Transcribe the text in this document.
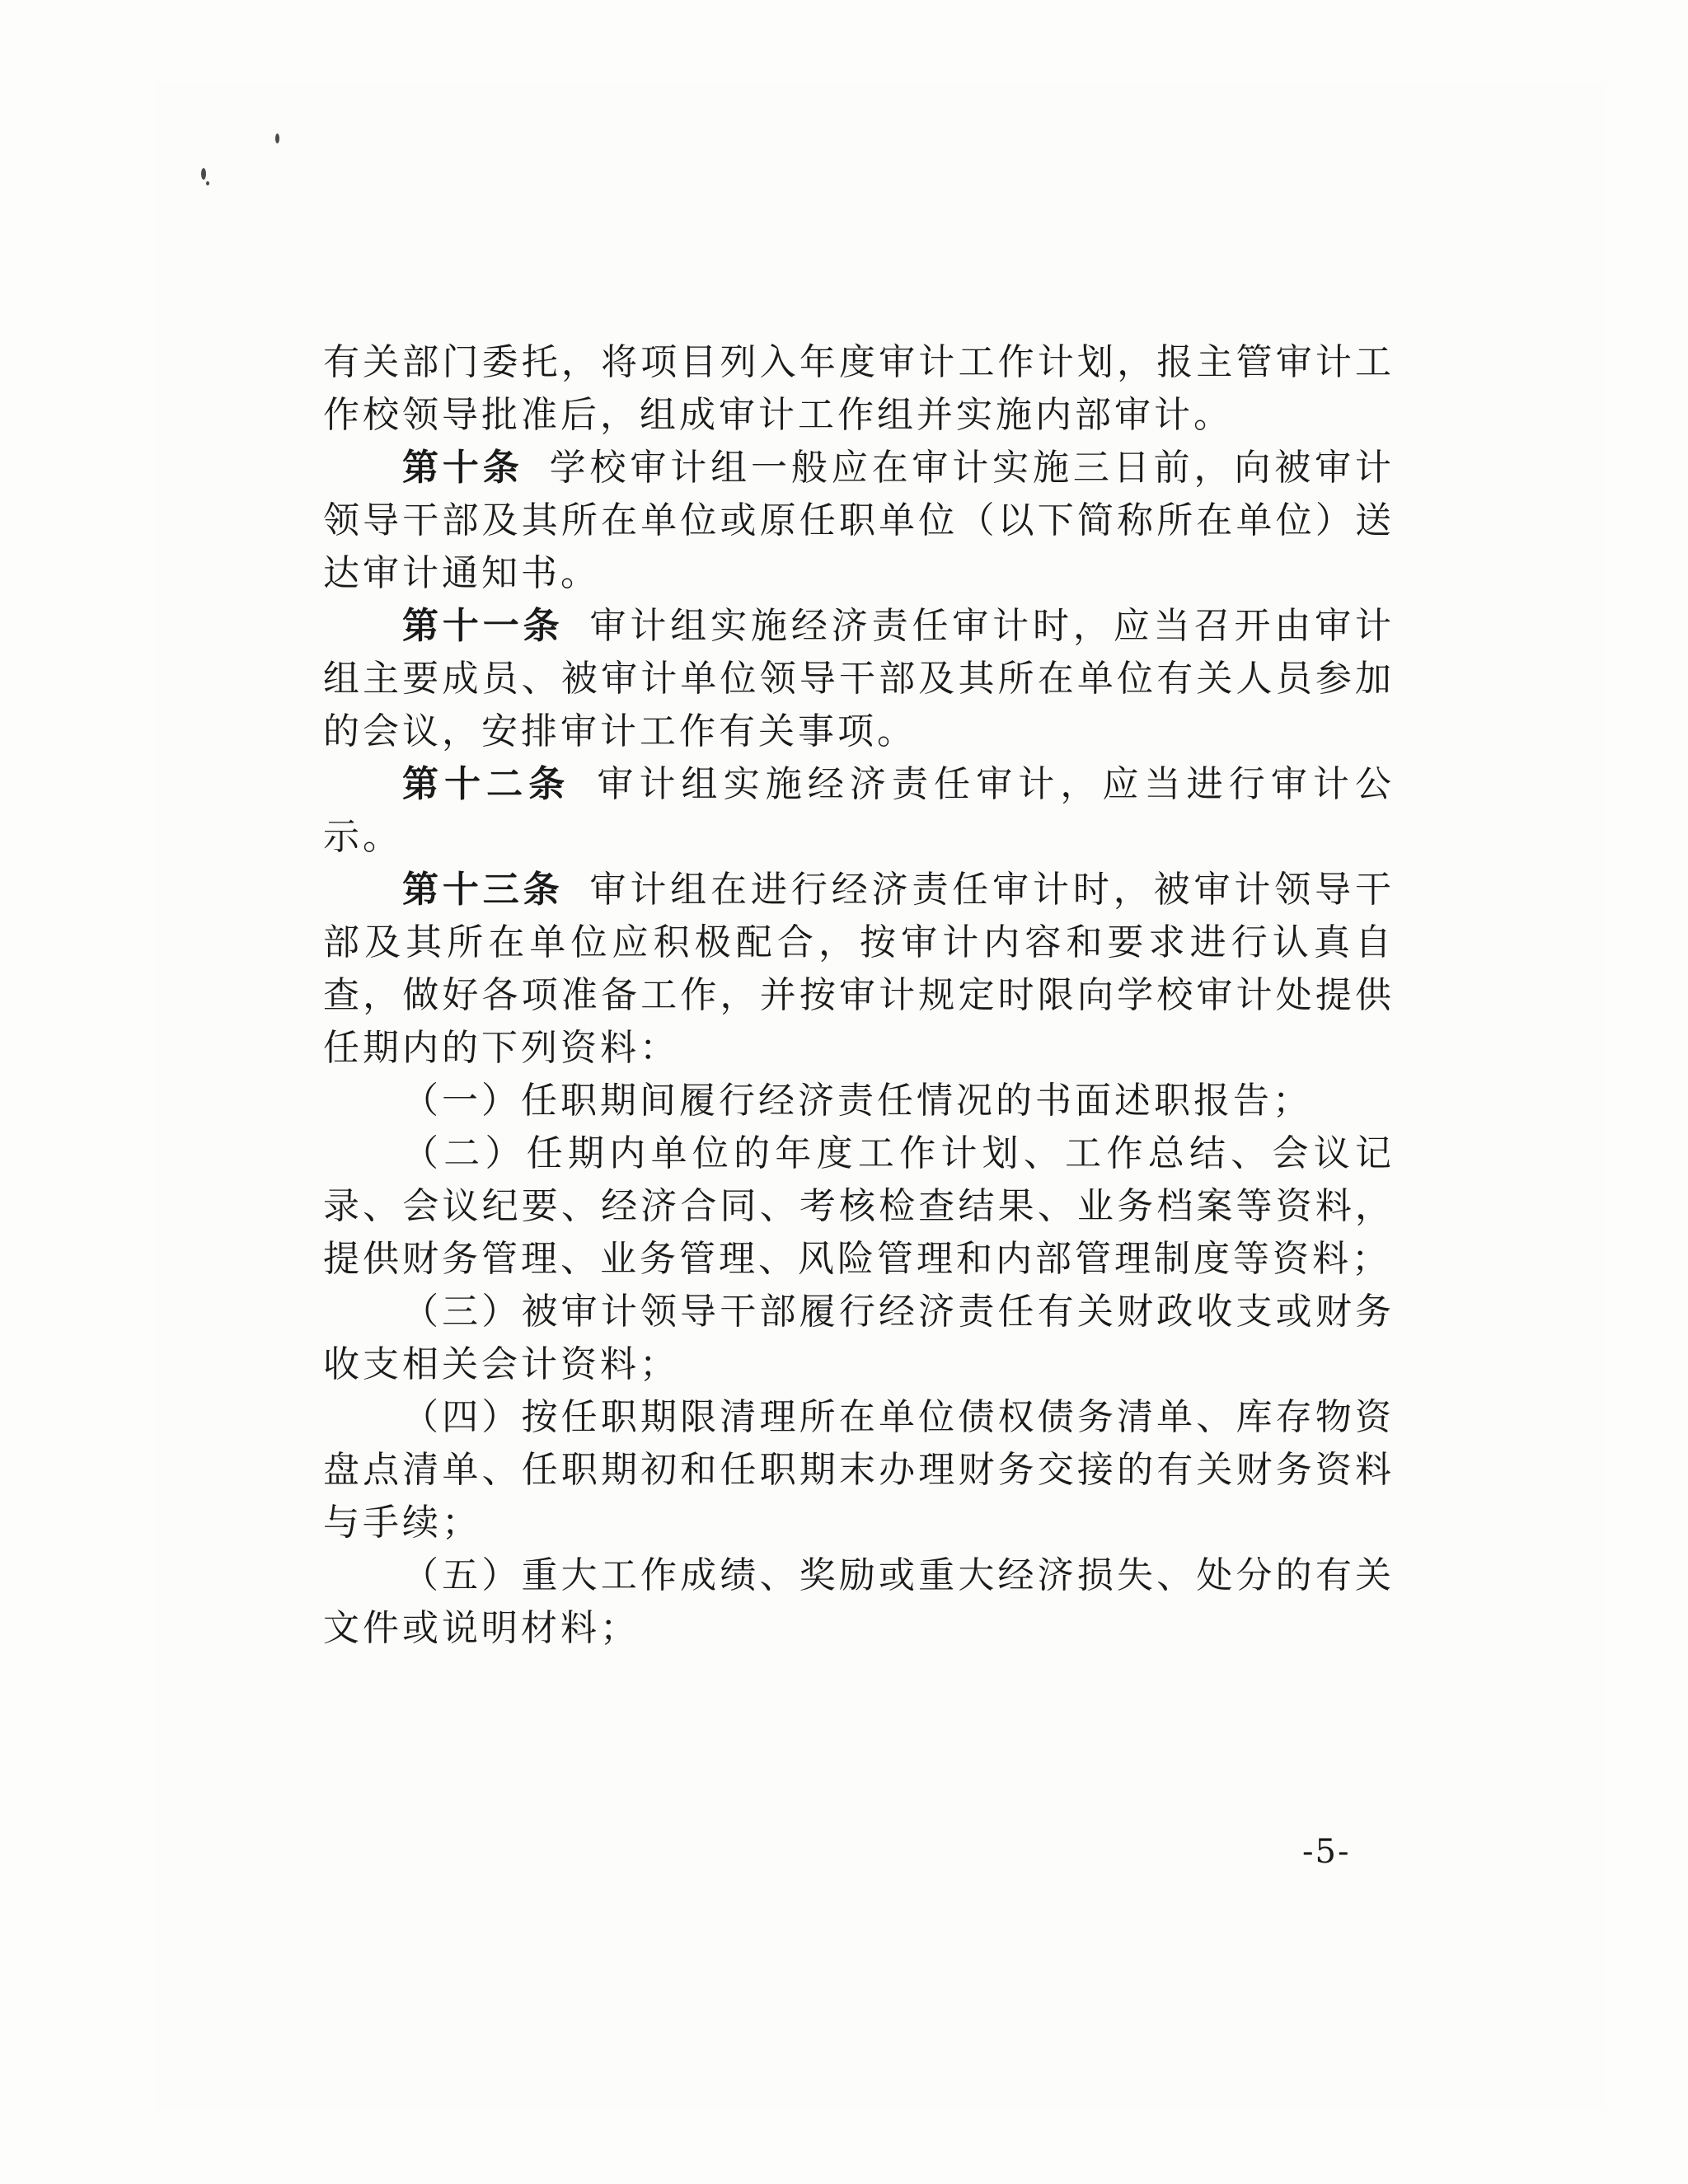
有关部门委托，将项目列入年度审计工作计划，报主管审计工作校领导批准后，组成审计工作组并实施内部审计。

第十条 学校审计组一般应在审计实施三日前，向被审计领导干部及其所在单位或原任职单位（以下简称所在单位）送达审计通知书。

第十一条 审计组实施经济责任审计时，应当召开由审计组主要成员、被审计单位领导干部及其所在单位有关人员参加的会议，安排审计工作有关事项。

第十二条 审计组实施经济责任审计，应当进行审计公示。

第十三条 审计组在进行经济责任审计时，被审计领导干部及其所在单位应积极配合，按审计内容和要求进行认真自查，做好各项准备工作，并按审计规定时限向学校审计处提供任期内的下列资料：

（一）任职期间履行经济责任情况的书面述职报告；

（二）任期内单位的年度工作计划、工作总结、会议记录、会议纪要、经济合同、考核检查结果、业务档案等资料，提供财务管理、业务管理、风险管理和内部管理制度等资料；

（三）被审计领导干部履行经济责任有关财政收支或财务收支相关会计资料；

（四）按任职期限清理所在单位债权债务清单、库存物资盘点清单、任职期初和任职期末办理财务交接的有关财务资料与手续；

（五）重大工作成绩、奖励或重大经济损失、处分的有关文件或说明材料；

-5-
